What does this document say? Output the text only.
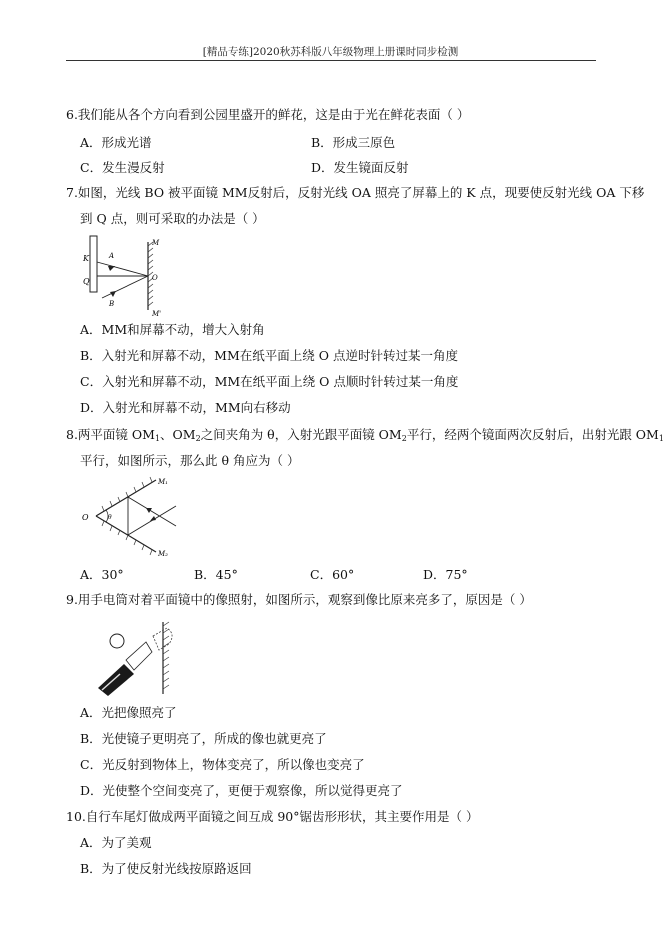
[精品专练]2020秋苏科版八年级物理上册课时同步检测
6.我们能从各个方向看到公园里盛开的鲜花，这是由于光在鲜花表面（ ）
A．形成光谱	B．形成三原色
C．发生漫反射	D．发生镜面反射
7.如图，光线 BO 被平面镜 MM反射后，反射光线 OA 照亮了屏幕上的 K 点，现要使反射光线 OA 下移
到 Q 点，则可采取的办法是（ ）
K
Q
A
B
O
M
M'
A．MM和屏幕不动，增大入射角
B．入射光和屏幕不动，MM在纸平面上绕 O 点逆时针转过某一角度
C．入射光和屏幕不动，MM在纸平面上绕 O 点顺时针转过某一角度
D．入射光和屏幕不动，MM向右移动
8.两平面镜 $OM_1$、$OM_2$之间夹角为 θ，入射光跟平面镜 $OM_2$平行，经两个镜面两次反射后，出射光跟 $OM_1$
平行，如图所示，那么此 θ 角应为（ ）
O	θ
M₁
M₂
A．30°	B．45°	C．60°	D．75°
9.用手电筒对着平面镜中的像照射，如图所示，观察到像比原来亮多了，原因是（ ）
A．光把像照亮了
B．光使镜子更明亮了，所成的像也就更亮了
C．光反射到物体上，物体变亮了，所以像也变亮了
D．光使整个空间变亮了，更便于观察像，所以觉得更亮了
10.自行车尾灯做成两平面镜之间互成 90°锯齿形形状，其主要作用是（ ）
A．为了美观
B．为了使反射光线按原路返回
